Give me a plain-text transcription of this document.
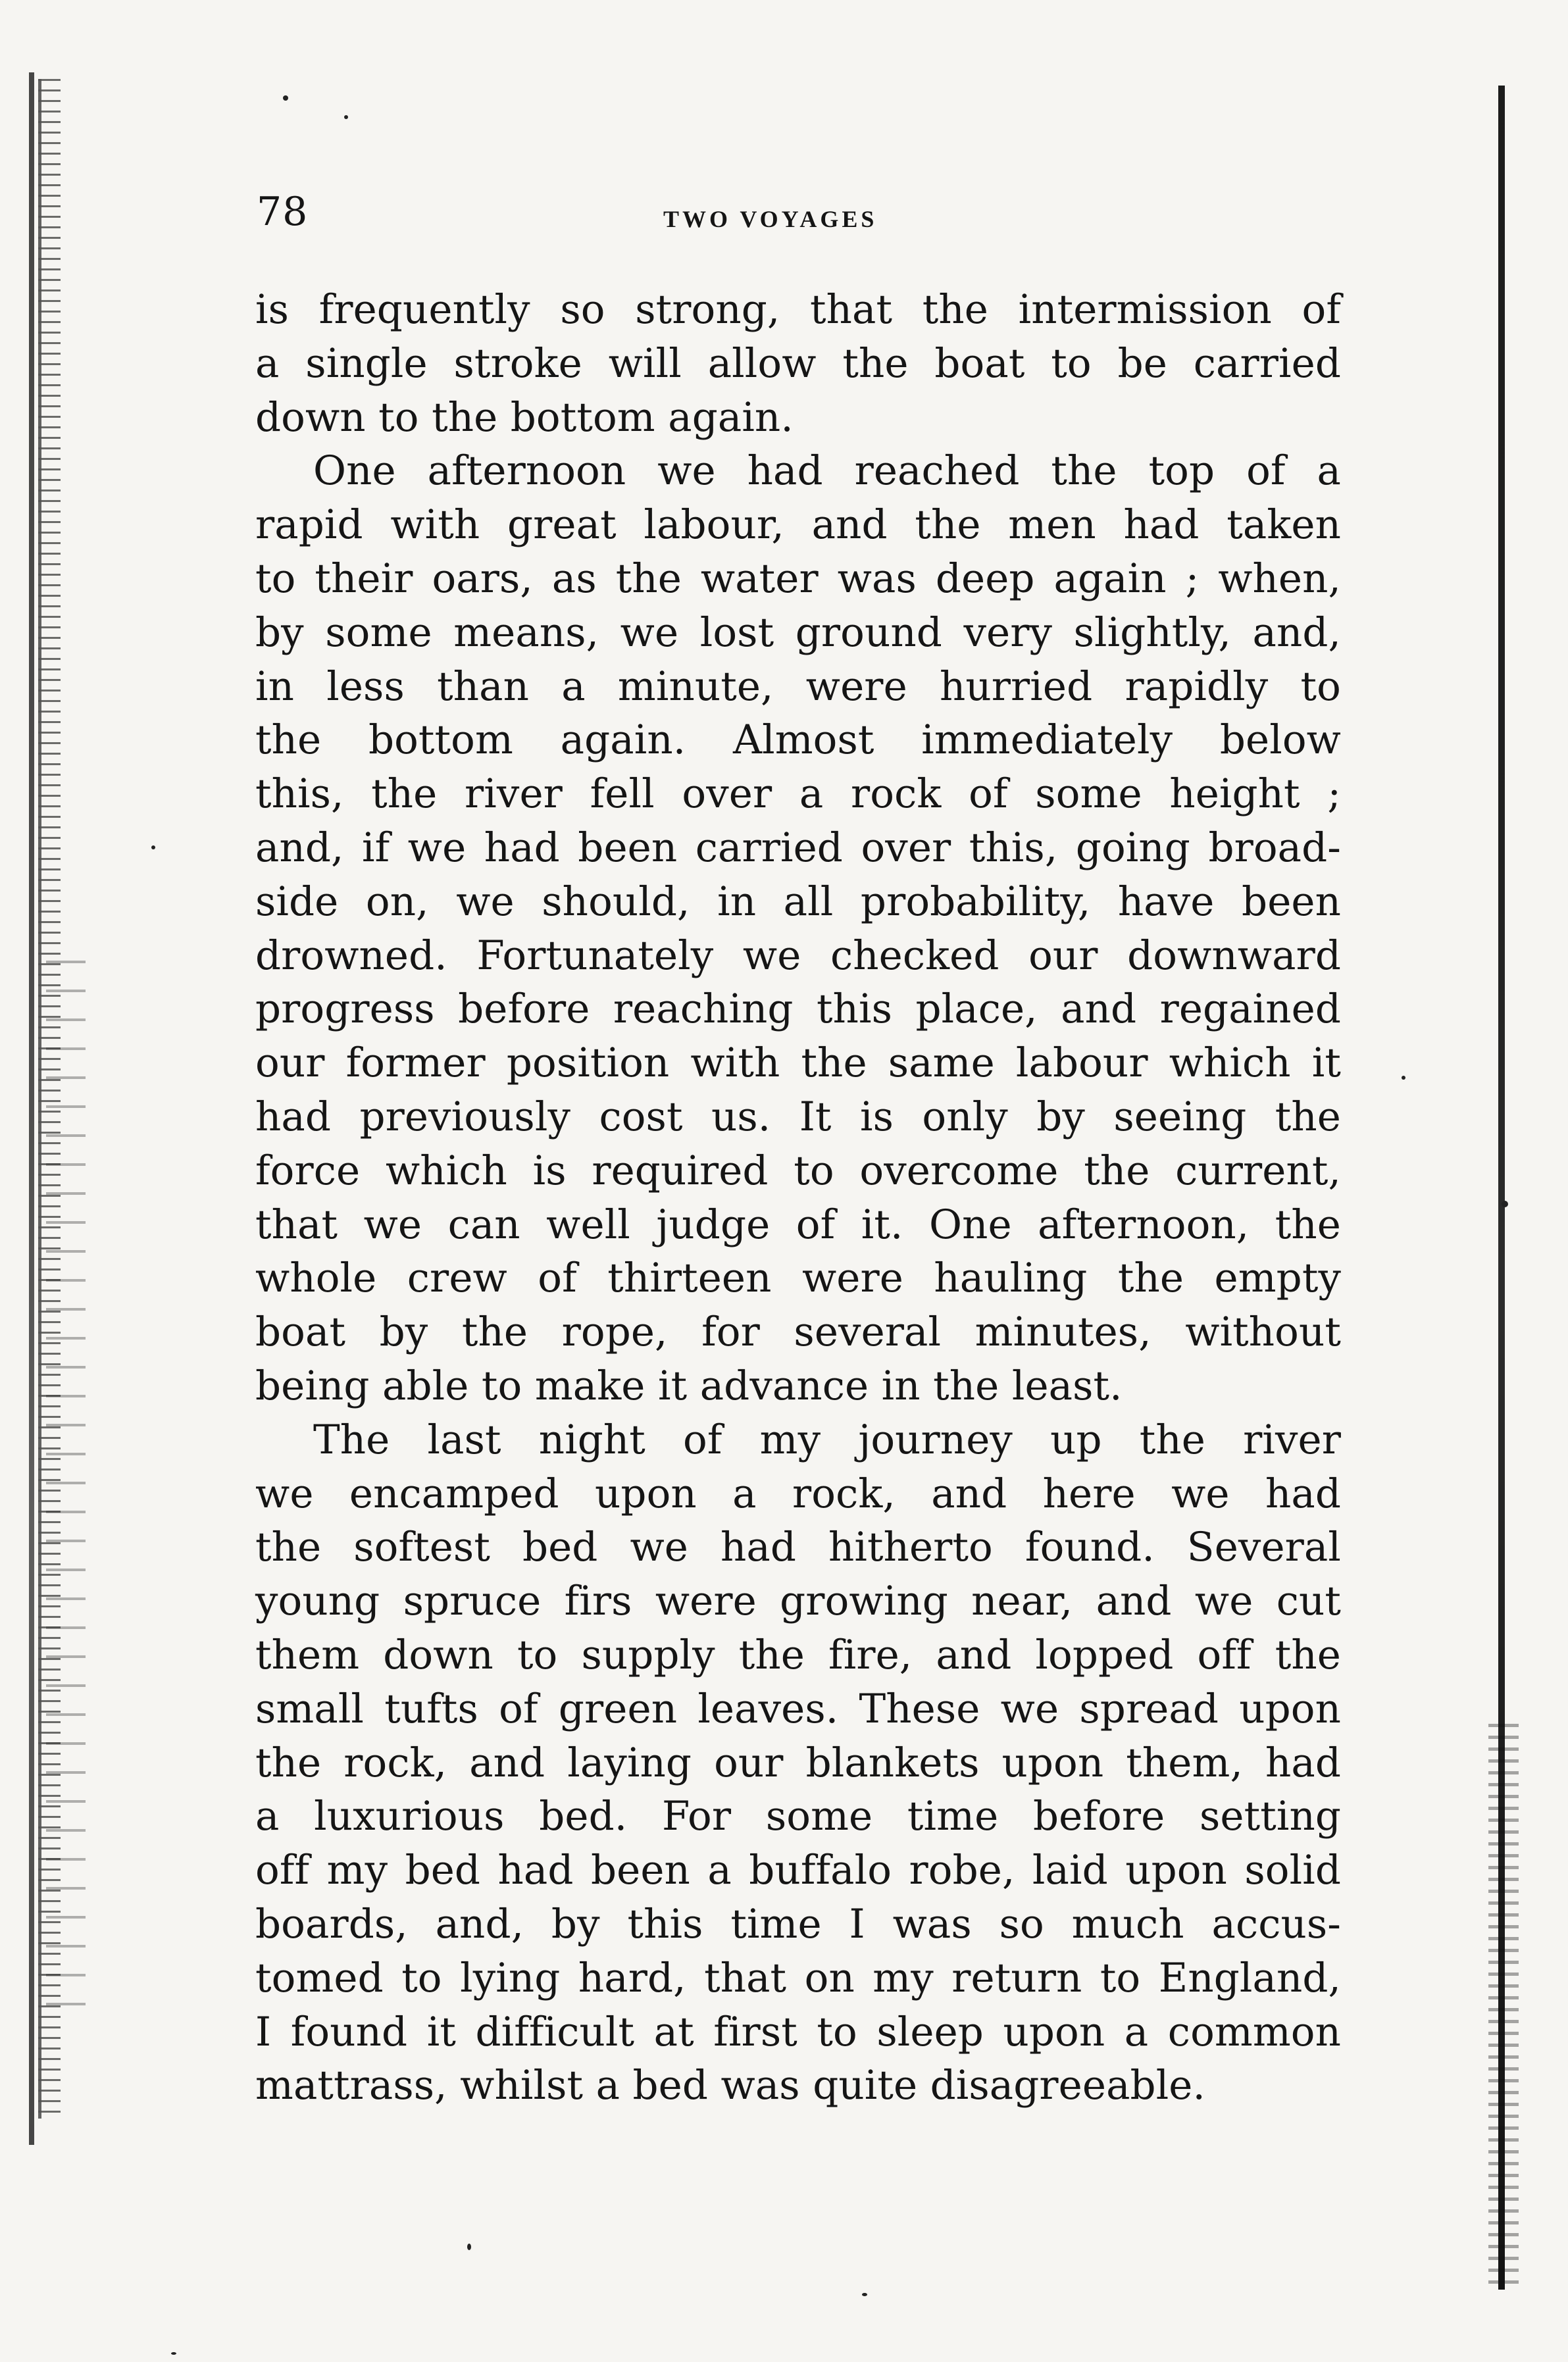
78	TWO VOYAGES
is frequently so strong, that the intermission of
a single stroke will allow the boat to be carried
down to the bottom again.
One afternoon we had reached the top of a
rapid with great labour, and the men had taken
to their oars, as the water was deep again ; when,
by some means, we lost ground very slightly, and,
in less than a minute, were hurried rapidly to
the bottom again. Almost immediately below
this, the river fell over a rock of some height ;
and, if we had been carried over this, going broad-
side on, we should, in all probability, have been
drowned. Fortunately we checked our downward
progress before reaching this place, and regained
our former position with the same labour which it
had previously cost us. It is only by seeing the
force which is required to overcome the current,
that we can well judge of it. One afternoon, the
whole crew of thirteen were hauling the empty
boat by the rope, for several minutes, without
being able to make it advance in the least.
The last night of my journey up the river
we encamped upon a rock, and here we had
the softest bed we had hitherto found. Several
young spruce firs were growing near, and we cut
them down to supply the fire, and lopped off the
small tufts of green leaves. These we spread upon
the rock, and laying our blankets upon them, had
a luxurious bed. For some time before setting
off my bed had been a buffalo robe, laid upon solid
boards, and, by this time I was so much accus-
tomed to lying hard, that on my return to England,
I found it difficult at first to sleep upon a common
mattrass, whilst a bed was quite disagreeable.
